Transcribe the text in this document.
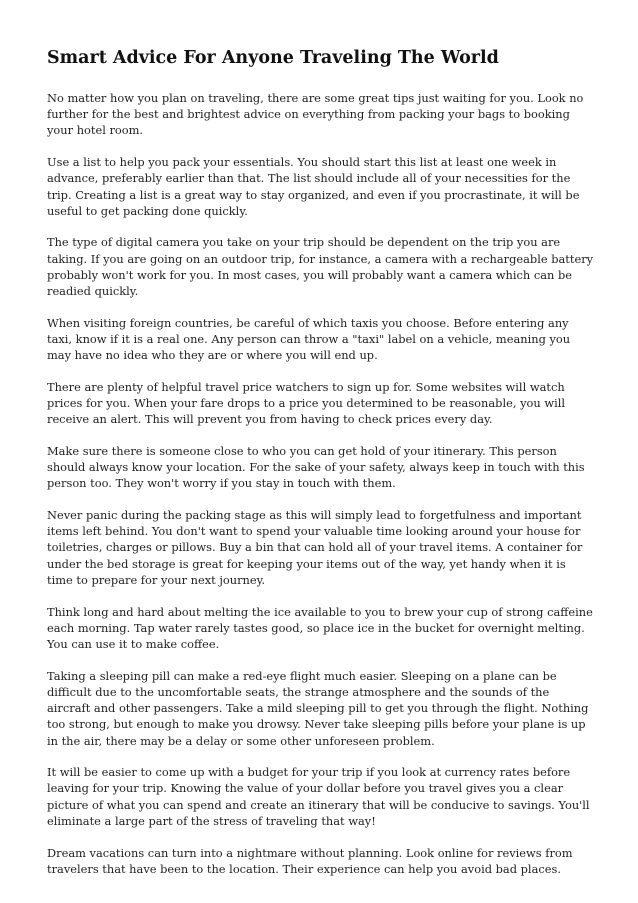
Smart Advice For Anyone Traveling The World

No matter how you plan on traveling, there are some great tips just waiting for you. Look no further for the best and brightest advice on everything from packing your bags to booking your hotel room.

Use a list to help you pack your essentials. You should start this list at least one week in advance, preferably earlier than that. The list should include all of your necessities for the trip. Creating a list is a great way to stay organized, and even if you procrastinate, it will be useful to get packing done quickly.

The type of digital camera you take on your trip should be dependent on the trip you are taking. If you are going on an outdoor trip, for instance, a camera with a rechargeable battery probably won't work for you. In most cases, you will probably want a camera which can be readied quickly.

When visiting foreign countries, be careful of which taxis you choose. Before entering any taxi, know if it is a real one. Any person can throw a "taxi" label on a vehicle, meaning you may have no idea who they are or where you will end up.

There are plenty of helpful travel price watchers to sign up for. Some websites will watch prices for you. When your fare drops to a price you determined to be reasonable, you will receive an alert. This will prevent you from having to check prices every day.

Make sure there is someone close to who you can get hold of your itinerary. This person should always know your location. For the sake of your safety, always keep in touch with this person too. They won't worry if you stay in touch with them.

Never panic during the packing stage as this will simply lead to forgetfulness and important items left behind. You don't want to spend your valuable time looking around your house for toiletries, charges or pillows. Buy a bin that can hold all of your travel items. A container for under the bed storage is great for keeping your items out of the way, yet handy when it is time to prepare for your next journey.

Think long and hard about melting the ice available to you to brew your cup of strong caffeine each morning. Tap water rarely tastes good, so place ice in the bucket for overnight melting. You can use it to make coffee.

Taking a sleeping pill can make a red-eye flight much easier. Sleeping on a plane can be difficult due to the uncomfortable seats, the strange atmosphere and the sounds of the aircraft and other passengers. Take a mild sleeping pill to get you through the flight. Nothing too strong, but enough to make you drowsy. Never take sleeping pills before your plane is up in the air, there may be a delay or some other unforeseen problem.

It will be easier to come up with a budget for your trip if you look at currency rates before leaving for your trip. Knowing the value of your dollar before you travel gives you a clear picture of what you can spend and create an itinerary that will be conducive to savings. You'll eliminate a large part of the stress of traveling that way!

Dream vacations can turn into a nightmare without planning. Look online for reviews from travelers that have been to the location. Their experience can help you avoid bad places.
